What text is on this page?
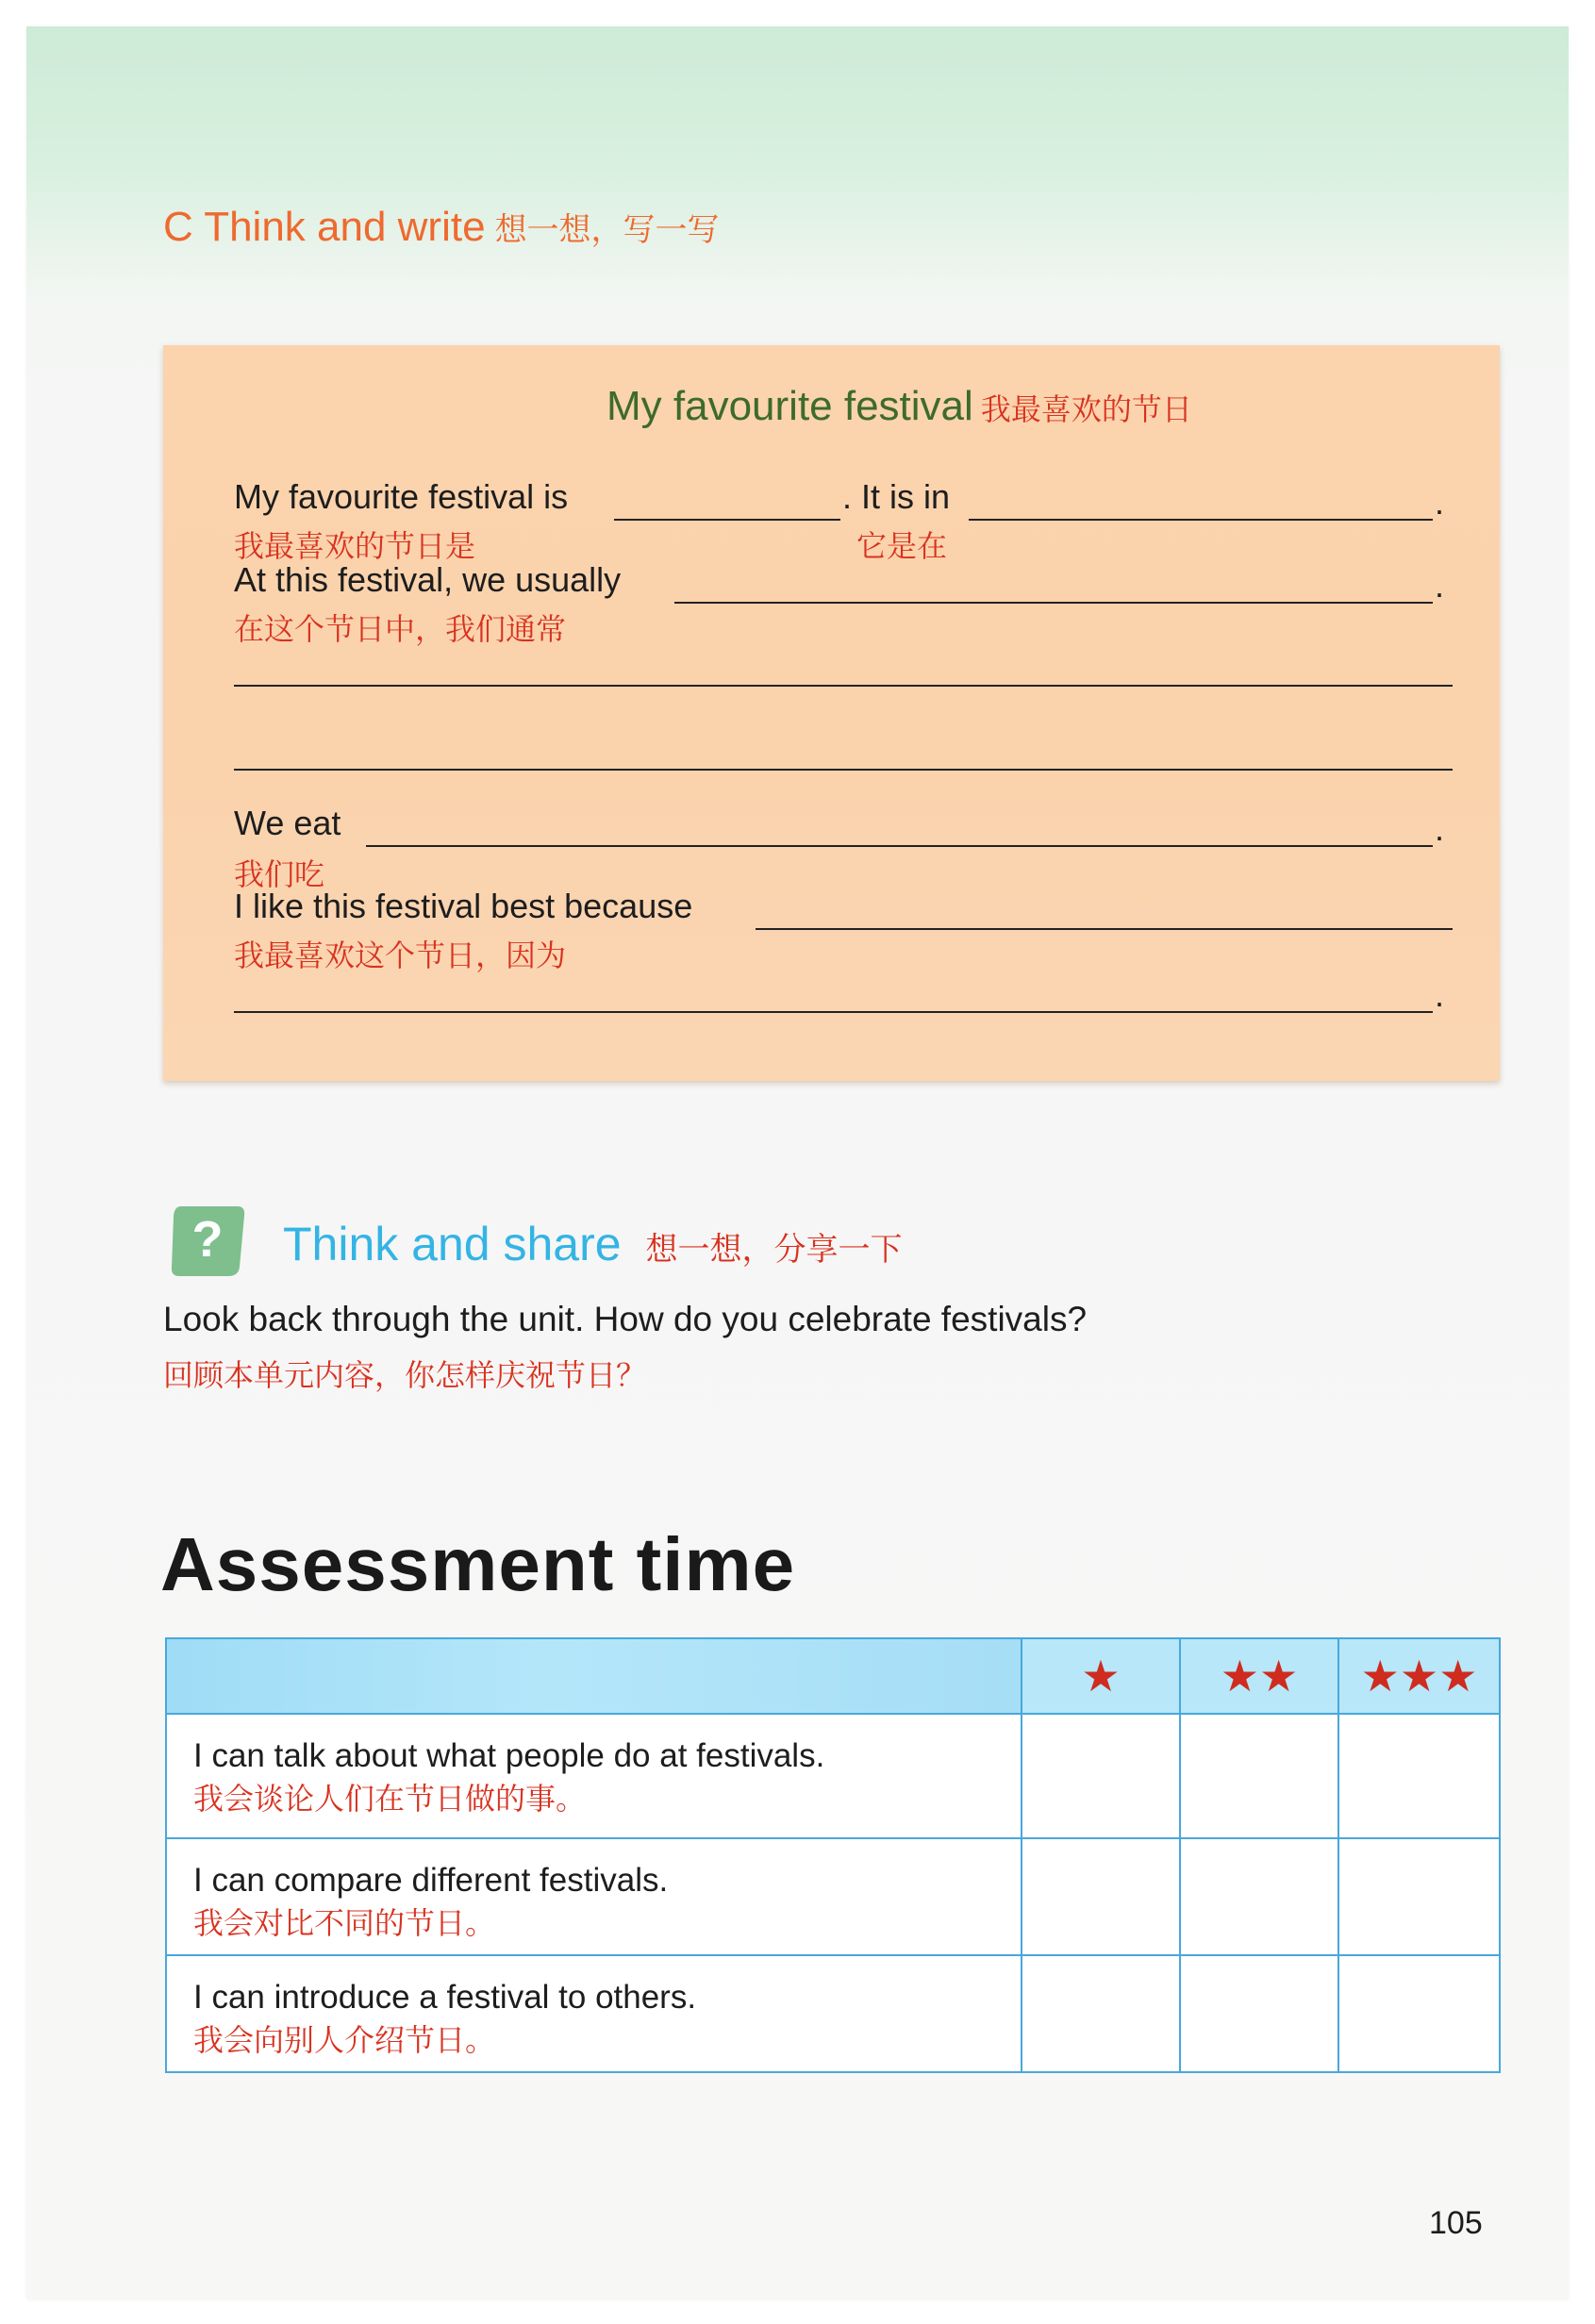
C Think and write 想一想，写一写
My favourite festival 我最喜欢的节日
My favourite festival is	. It is in	.
我最喜欢的节日是	它是在
At this festival, we usually	.
在这个节日中，我们通常
We eat	.
我们吃
I like this festival best because
我最喜欢这个节日，因为
.
?	Think and share 想一想，分享一下
Look back through the unit. How do you celebrate festivals?
回顾本单元内容，你怎样庆祝节日？
Assessment time
	★	★★	★★★

I can talk about what people do at festivals.
我会谈论人们在节日做的事。			

I can compare different festivals.
我会对比不同的节日。			

I can introduce a festival to others.
我会向别人介绍节日。			

105
